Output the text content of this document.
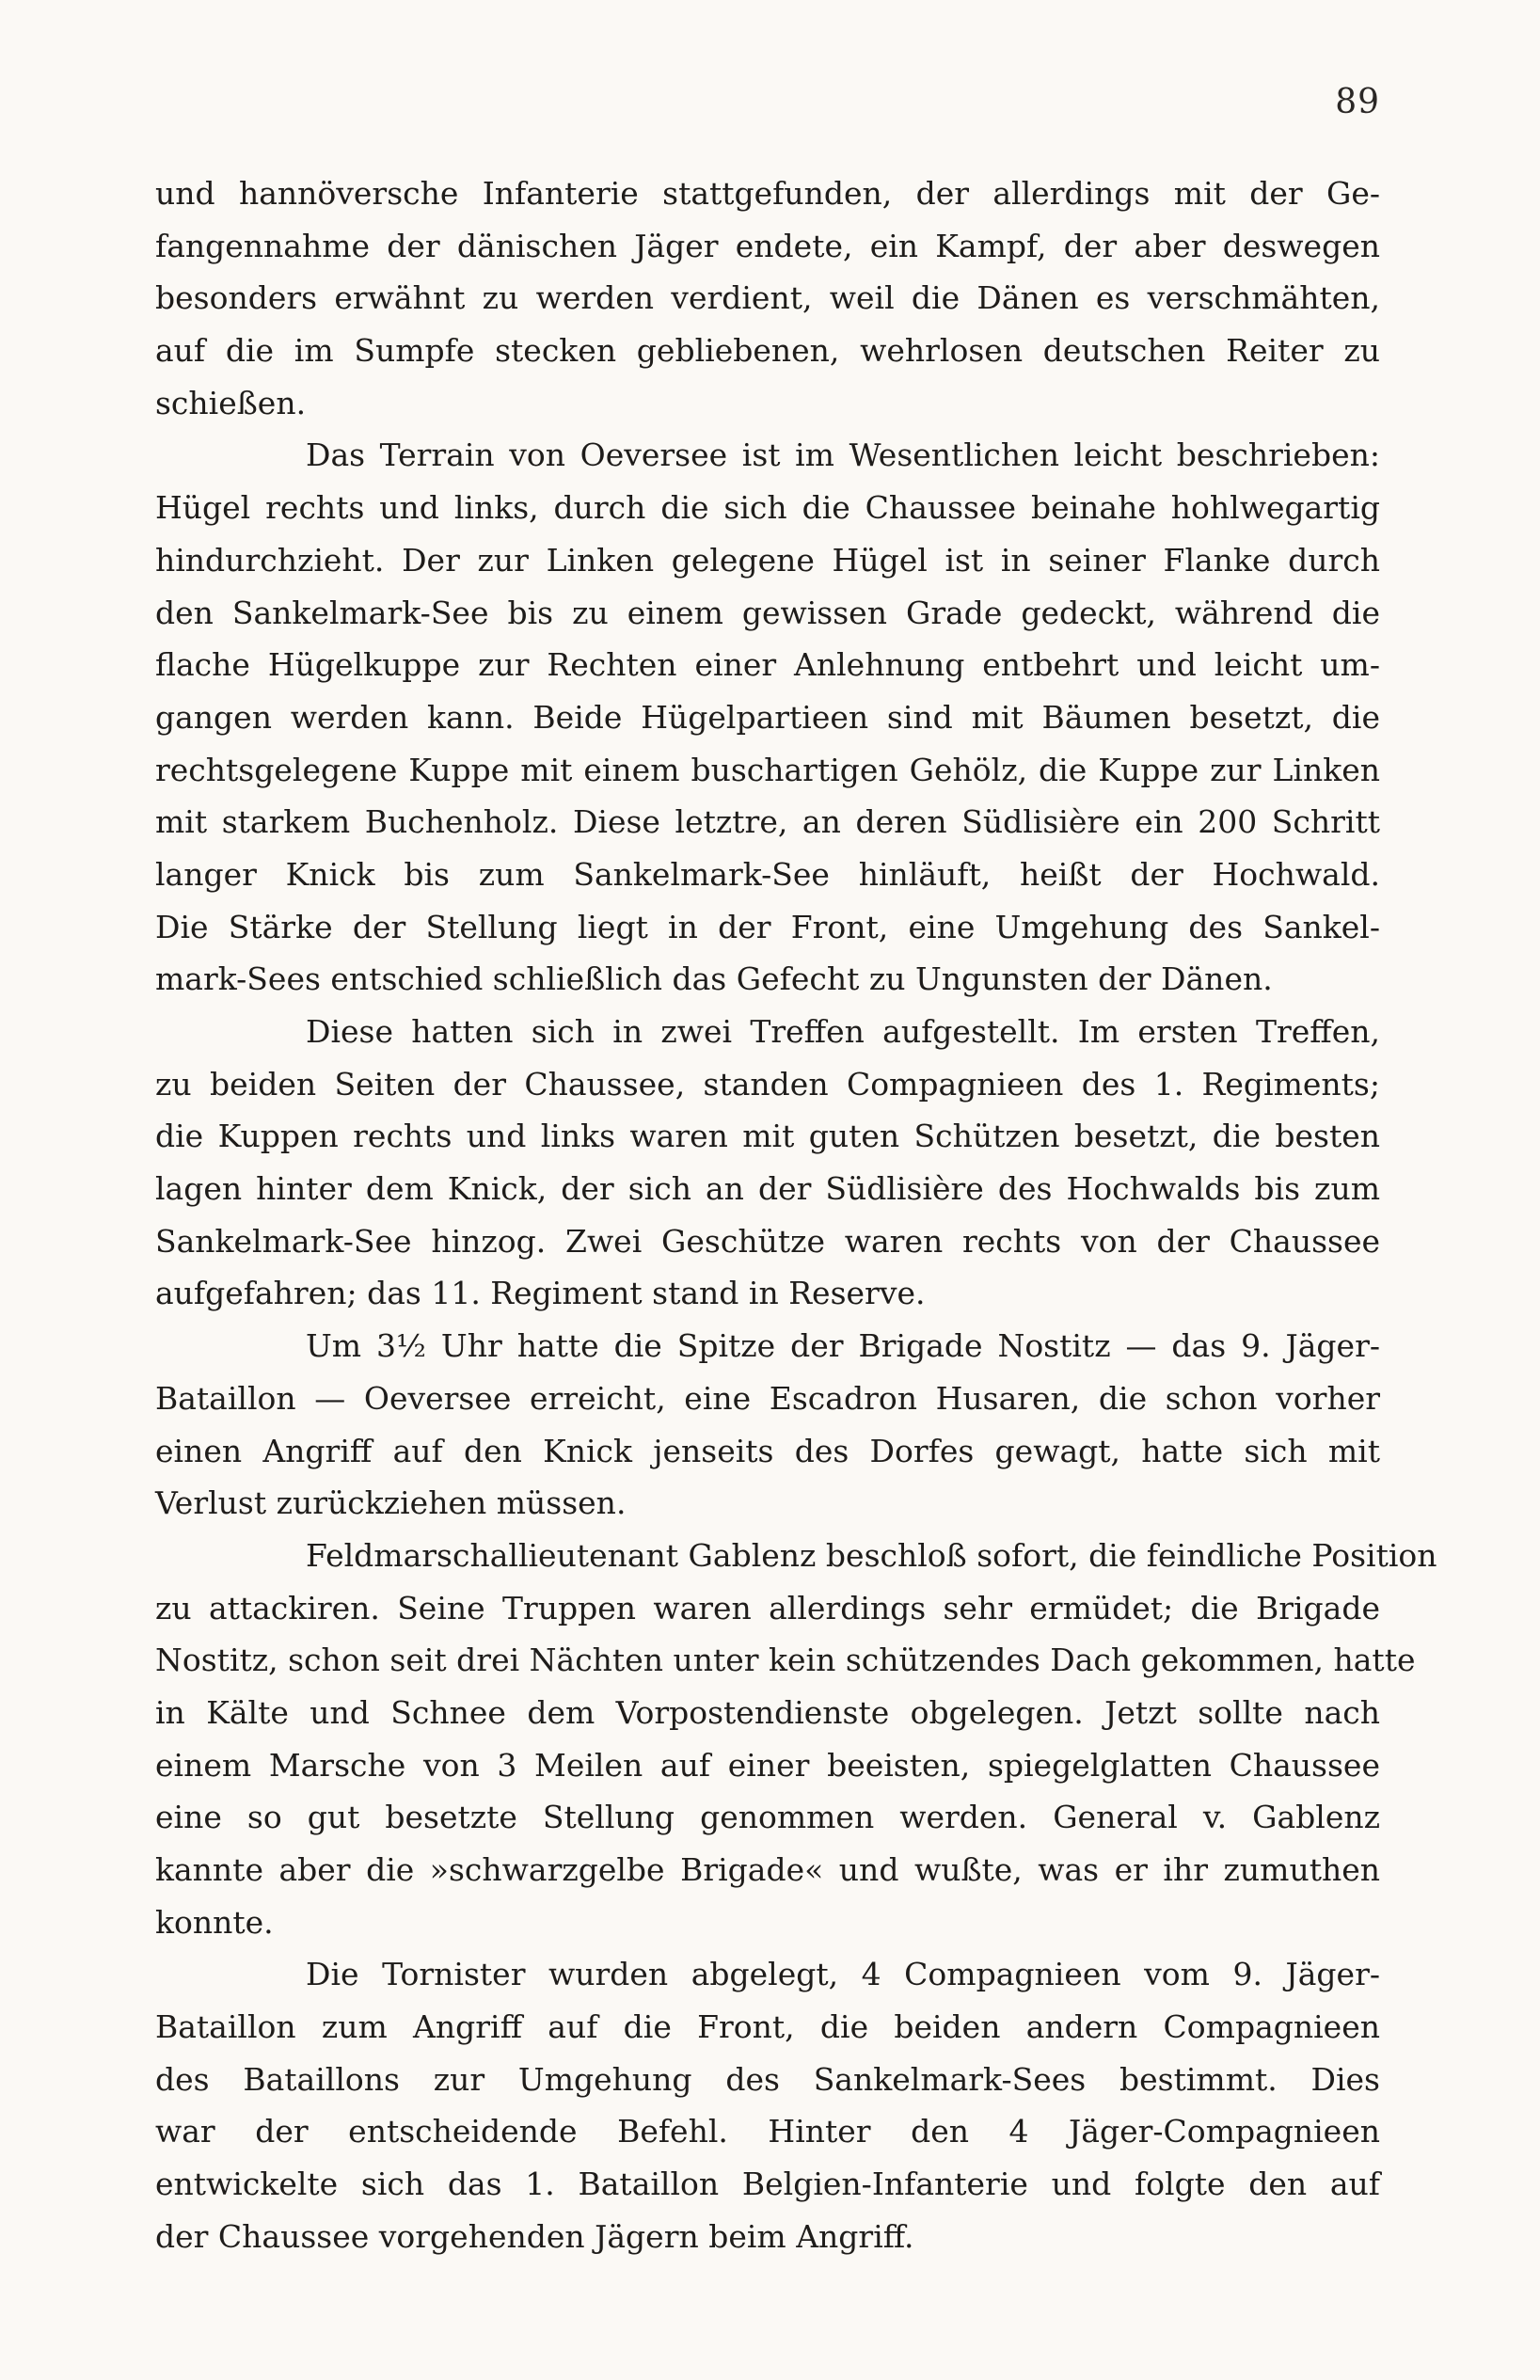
89
und hannöversche Infanterie stattgefunden, der allerdings mit der Ge-
fangennahme der dänischen Jäger endete, ein Kampf, der aber deswegen
besonders erwähnt zu werden verdient, weil die Dänen es verschmähten,
auf die im Sumpfe stecken gebliebenen, wehrlosen deutschen Reiter zu
schießen.
Das Terrain von Oeversee ist im Wesentlichen leicht beschrieben:
Hügel rechts und links, durch die sich die Chaussee beinahe hohlwegartig
hindurchzieht. Der zur Linken gelegene Hügel ist in seiner Flanke durch
den Sankelmark-See bis zu einem gewissen Grade gedeckt, während die
flache Hügelkuppe zur Rechten einer Anlehnung entbehrt und leicht um-
gangen werden kann. Beide Hügelpartieen sind mit Bäumen besetzt, die
rechtsgelegene Kuppe mit einem buschartigen Gehölz, die Kuppe zur Linken
mit starkem Buchenholz. Diese letztre, an deren Südlisière ein 200 Schritt
langer Knick bis zum Sankelmark-See hinläuft, heißt der Hochwald.
Die Stärke der Stellung liegt in der Front, eine Umgehung des Sankel-
mark-Sees entschied schließlich das Gefecht zu Ungunsten der Dänen.
Diese hatten sich in zwei Treffen aufgestellt. Im ersten Treffen,
zu beiden Seiten der Chaussee, standen Compagnieen des 1. Regiments;
die Kuppen rechts und links waren mit guten Schützen besetzt, die besten
lagen hinter dem Knick, der sich an der Südlisière des Hochwalds bis zum
Sankelmark-See hinzog. Zwei Geschütze waren rechts von der Chaussee
aufgefahren; das 11. Regiment stand in Reserve.
Um 3½ Uhr hatte die Spitze der Brigade Nostitz — das 9. Jäger-
Bataillon — Oeversee erreicht, eine Escadron Husaren, die schon vorher
einen Angriff auf den Knick jenseits des Dorfes gewagt, hatte sich mit
Verlust zurückziehen müssen.
Feldmarschallieutenant Gablenz beschloß sofort, die feindliche Position
zu attackiren. Seine Truppen waren allerdings sehr ermüdet; die Brigade
Nostitz, schon seit drei Nächten unter kein schützendes Dach gekommen, hatte
in Kälte und Schnee dem Vorpostendienste obgelegen. Jetzt sollte nach
einem Marsche von 3 Meilen auf einer beeisten, spiegelglatten Chaussee
eine so gut besetzte Stellung genommen werden. General v. Gablenz
kannte aber die »schwarzgelbe Brigade« und wußte, was er ihr zumuthen
konnte.
Die Tornister wurden abgelegt, 4 Compagnieen vom 9. Jäger-
Bataillon zum Angriff auf die Front, die beiden andern Compagnieen
des Bataillons zur Umgehung des Sankelmark-Sees bestimmt. Dies
war der entscheidende Befehl. Hinter den 4 Jäger-Compagnieen
entwickelte sich das 1. Bataillon Belgien-Infanterie und folgte den auf
der Chaussee vorgehenden Jägern beim Angriff.
